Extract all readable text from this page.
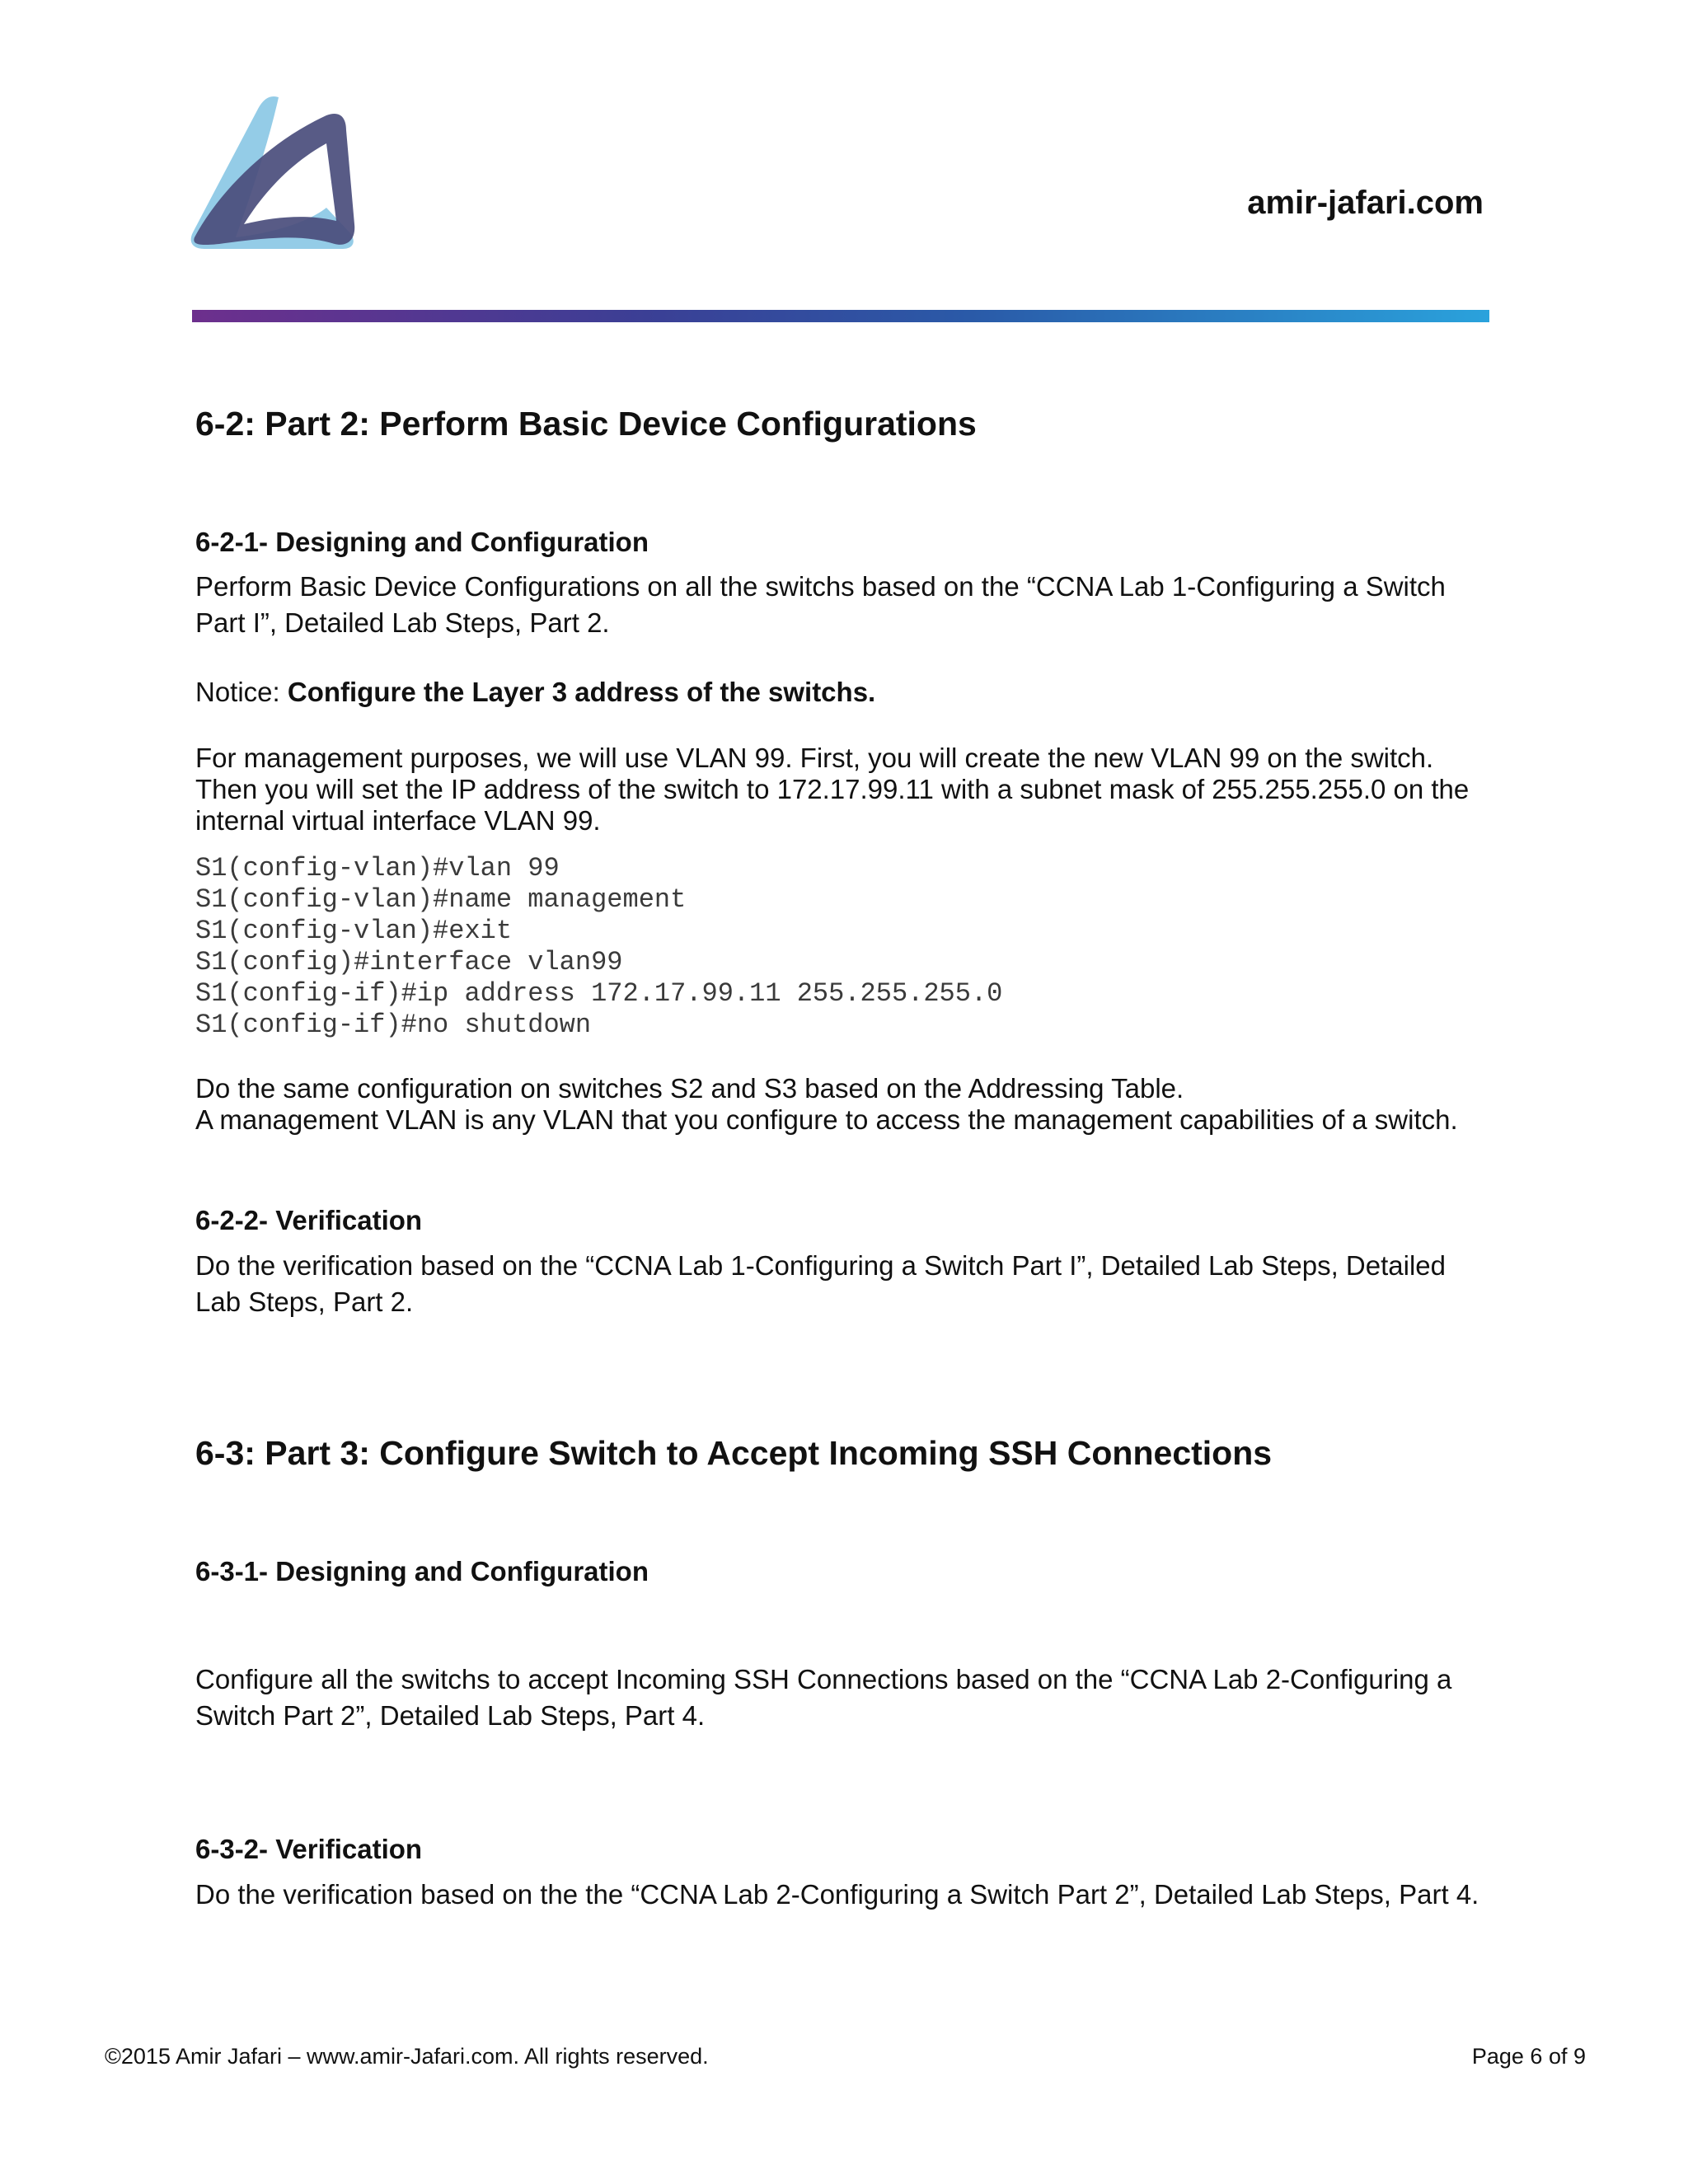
amir-jafari.com
6-2: Part 2: Perform Basic Device Configurations
6-2-1- Designing and Configuration
Perform Basic Device Configurations on all the switchs based on the “CCNA Lab 1-Configuring a Switch Part I”, Detailed Lab Steps, Part 2.
Notice: Configure the Layer 3 address of the switchs.
For management purposes, we will use VLAN 99. First, you will create the new VLAN 99 on the switch. Then you will set the IP address of the switch to 172.17.99.11 with a subnet mask of 255.255.255.0 on the internal virtual interface VLAN 99.
S1(config-vlan)#vlan 99
S1(config-vlan)#name management
S1(config-vlan)#exit
S1(config)#interface vlan99
S1(config-if)#ip address 172.17.99.11 255.255.255.0
S1(config-if)#no shutdown
Do the same configuration on switches S2 and S3 based on the Addressing Table.
A management VLAN is any VLAN that you configure to access the management capabilities of a switch.
6-2-2- Verification
Do the verification based on the “CCNA Lab 1-Configuring a Switch Part I”, Detailed Lab Steps, Detailed Lab Steps, Part 2.
6-3: Part 3: Configure Switch to Accept Incoming SSH Connections
6-3-1- Designing and Configuration
Configure all the switchs to accept Incoming SSH Connections based on the “CCNA Lab 2-Configuring a Switch Part 2”, Detailed Lab Steps, Part 4.
6-3-2- Verification
Do the verification based on the the “CCNA Lab 2-Configuring a Switch Part 2”, Detailed Lab Steps, Part 4.
©2015 Amir Jafari – www.amir-Jafari.com. All rights reserved.	Page 6 of 9
